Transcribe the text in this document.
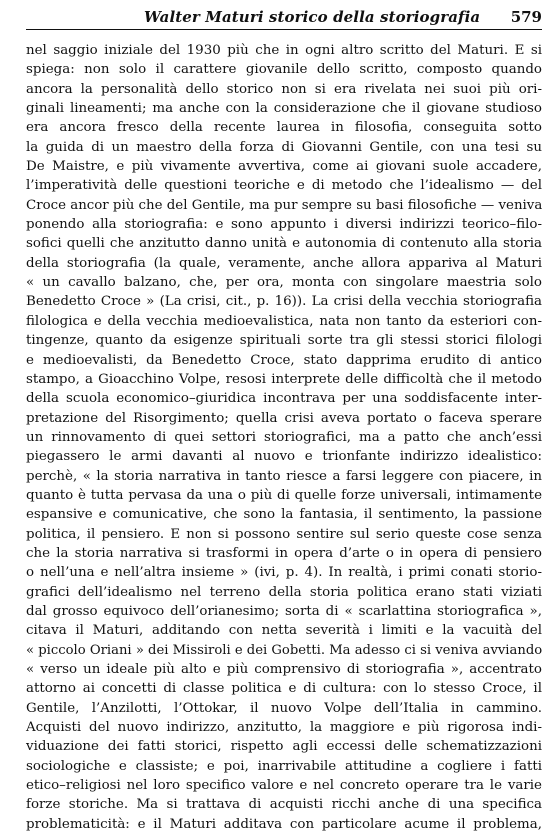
Walter Maturi storico della storiografia 579
nel saggio iniziale del 1930 più che in ogni altro scritto del Maturi. E si
spiega: non solo il carattere giovanile dello scritto, composto quando
ancora la personalità dello storico non si era rivelata nei suoi più ori-
ginali lineamenti; ma anche con la considerazione che il giovane studioso
era ancora fresco della recente laurea in filosofia, conseguita sotto
la guida di un maestro della forza di Giovanni Gentile, con una tesi su
De Maistre, e più vivamente avvertiva, come ai giovani suole accadere,
l’imperatività delle questioni teoriche e di metodo che l’idealismo — del
Croce ancor più che del Gentile, ma pur sempre su basi filosofiche — veniva
ponendo alla storiografia: e sono appunto i diversi indirizzi teorico–filo-
sofici quelli che anzitutto danno unità e autonomia di contenuto alla storia
della storiografia (la quale, veramente, anche allora appariva al Maturi
« un cavallo balzano, che, per ora, monta con singolare maestria solo
Benedetto Croce » (La crisi, cit., p. 16)). La crisi della vecchia storiografia
filologica e della vecchia medioevalistica, nata non tanto da esteriori con-
tingenze, quanto da esigenze spirituali sorte tra gli stessi storici filologi
e medioevalisti, da Benedetto Croce, stato dapprima erudito di antico
stampo, a Gioacchino Volpe, resosi interprete delle difficoltà che il metodo
della scuola economico–giuridica incontrava per una soddisfacente inter-
pretazione del Risorgimento; quella crisi aveva portato o faceva sperare
un rinnovamento di quei settori storiografici, ma a patto che anch’essi
piegassero le armi davanti al nuovo e trionfante indirizzo idealistico:
perchè, « la storia narrativa in tanto riesce a farsi leggere con piacere, in
quanto è tutta pervasa da una o più di quelle forze universali, intimamente
espansive e comunicative, che sono la fantasia, il sentimento, la passione
politica, il pensiero. E non si possono sentire sul serio queste cose senza
che la storia narrativa si trasformi in opera d’arte o in opera di pensiero
o nell’una e nell’altra insieme » (ivi, p. 4). In realtà, i primi conati storio-
grafici dell’idealismo nel terreno della storia politica erano stati viziati
dal grosso equivoco dell’orianesimo; sorta di « scarlattina storiografica »,
citava il Maturi, additando con netta severità i limiti e la vacuità del
« piccolo Oriani » dei Missiroli e dei Gobetti. Ma adesso ci si veniva avviando
« verso un ideale più alto e più comprensivo di storiografia », accentrato
attorno ai concetti di classe politica e di cultura: con lo stesso Croce, il
Gentile, l’Anzilotti, l’Ottokar, il nuovo Volpe dell’Italia in cammino.
Acquisti del nuovo indirizzo, anzitutto, la maggiore e più rigorosa indi-
viduazione dei fatti storici, rispetto agli eccessi delle schematizzazioni
sociologiche e classiste; e poi, inarrivabile attitudine a cogliere i fatti
etico–religiosi nel loro specifico valore e nel concreto operare tra le varie
forze storiche. Ma si trattava di acquisti ricchi anche di una specifica
problematicità: e il Maturi additava con particolare acume il problema,
